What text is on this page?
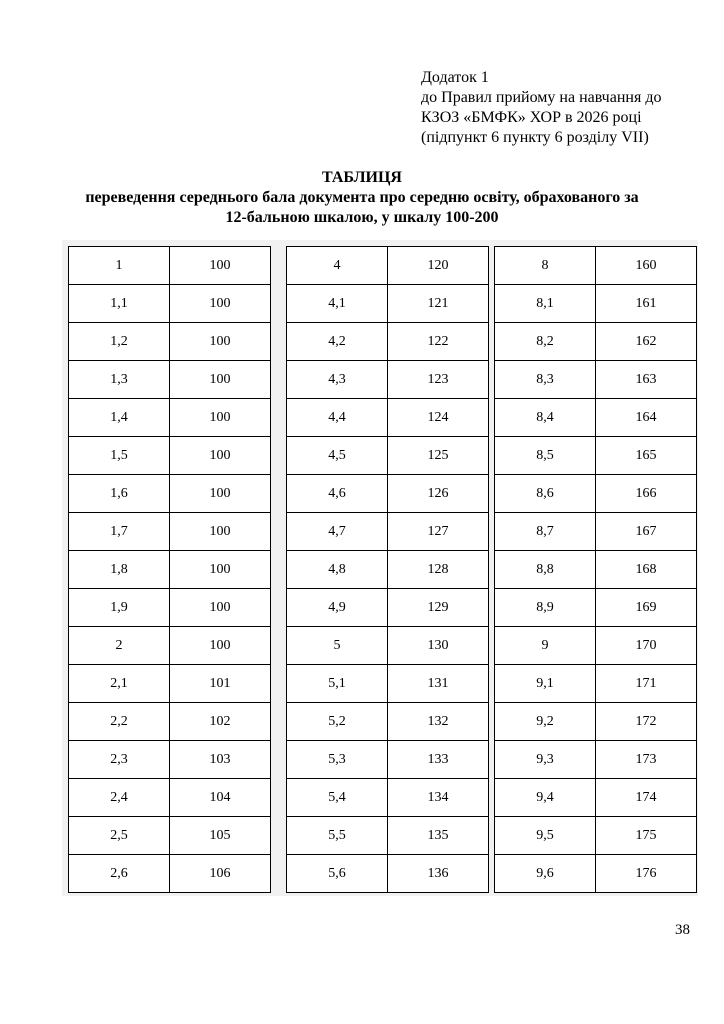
Додаток 1
до Правил прийому на навчання до
КЗОЗ «БМФК» ХОР в 2026 році
(підпункт 6 пункту 6 розділу VII)
ТАБЛИЦЯ
переведення середнього бала документа про середню освіту, обрахованого за
12-бальною шкалою, у шкалу 100-200
1	100
1,1	100
1,2	100
1,3	100
1,4	100
1,5	100
1,6	100
1,7	100
1,8	100
1,9	100
2	100
2,1	101
2,2	102
2,3	103
2,4	104
2,5	105
2,6	106
4	120
4,1	121
4,2	122
4,3	123
4,4	124
4,5	125
4,6	126
4,7	127
4,8	128
4,9	129
5	130
5,1	131
5,2	132
5,3	133
5,4	134
5,5	135
5,6	136
8	160
8,1	161
8,2	162
8,3	163
8,4	164
8,5	165
8,6	166
8,7	167
8,8	168
8,9	169
9	170
9,1	171
9,2	172
9,3	173
9,4	174
9,5	175
9,6	176
38
